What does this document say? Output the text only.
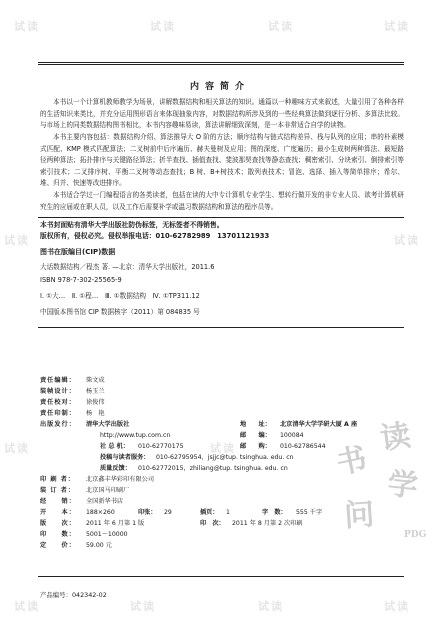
试读	试读	试读	试读
试读	试读
试读	试读
试读	试读	试读	试读
内容简介

本书以一个计算机教师教学为场景，讲解数据结构和相关算法的知识。通篇以一种趣味方式来叙述，大量引用了各种各样的生活知识来类比，并充分运用图形语言来体现抽象内容，对数据结构所涉及到的一些经典算法做到逐行分析、多算法比较。与市场上的同类数据结构图书相比，本书内容趣味易读，算法讲解细致深刻，是一本非常适合自学的读物。

本书主要内容包括：数据结构介绍、算法推导大 O 阶的方法；顺序结构与链式结构差异、栈与队列的应用；串的朴素模式匹配、KMP 模式匹配算法；二叉树前中后序遍历、赫夫曼树及应用；图的深度、广度遍历；最小生成树两种算法、最短路径两种算法；拓扑排序与关键路径算法；折半查找、插值查找、斐波那契查找等静态查找；稠密索引、分块索引、倒排索引等索引技术；二叉排序树、平衡二叉树等动态查找；B 树、B+树技术；散列表技术；冒泡、选择、插入等简单排序；希尔、堆、归并、快速等改进排序。

本书适合学过一门编程语言的各类读者，包括在读的大中专计算机专业学生、想转行做开发的非专业人员、欲考计算机研究生的应届或在职人员，以及工作后需要补学或温习数据结构和算法的程序员等。

本书封面贴有清华大学出版社防伪标签，无标签者不得销售。
版权所有，侵权必究。侵权举报电话：010-62782989　13701121933
图书在版编目(CIP)数据
大话数据结构／程杰 著. —北京：清华大学出版社，2011.6
ISBN 978-7-302-25565-9
Ⅰ. ①大…　Ⅱ. ①程…　Ⅲ. ①数据结构　Ⅳ. ①TP311.12
中国版本图书馆 CIP 数据核字（2011）第 084835 号
责任编辑：	柴文成
装帧设计：	杨玉兰
责任校对：	徐俊伟
责任印制：	杨　艳
出版发行：	清华大学出版社	地　　址： 北京清华大学学研大厦 A 座
http://www.tup.com.cn	邮　　编： 100084
社 总 机： 010-62770175	邮　　购： 010-62786544
投稿与读者服务： 010-62795954，jsjjc@tup. tsinghua. edu. cn
质量反馈： 010-62772015，zhiliang@tup. tsinghua. edu. cn
印 刷 者：	北京鑫丰华彩印有限公司
装 订 者：	北京国马印刷厂
经　　销：	全国新华书店
开　　本：	188×260	印张： 29	插页： 1	字　数： 555 千字
版　　次：	2011 年 6 月第 1 版	印　次： 2011 年 8 月第 2 次印刷
印　　数：	5001～10000
定　　价：	59.00 元
读
书
学
问
PDG
产品编号：042342-02
